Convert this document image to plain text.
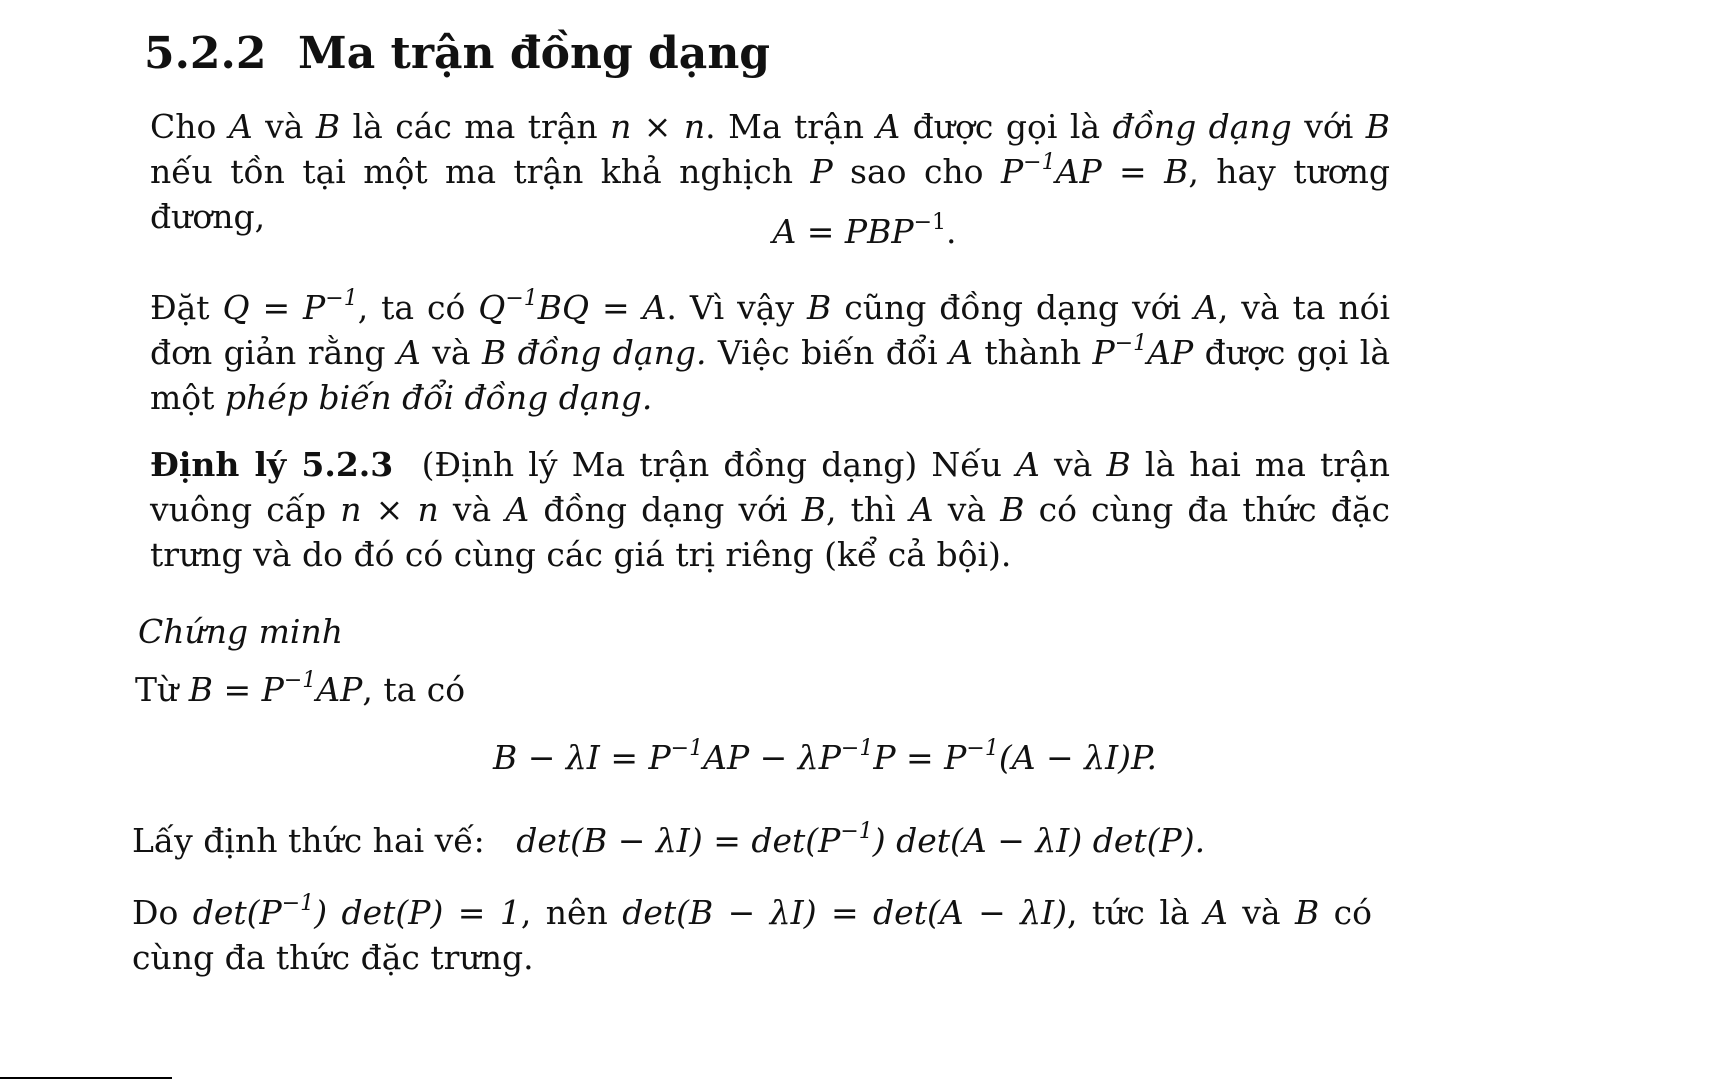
5.2.2 Ma trận đồng dạng
Cho A và B là các ma trận n × n. Ma trận A được gọi là đồng dạng với B nếu tồn tại một ma trận khả nghịch P sao cho $P^{-1}AP = B$, hay tương đương,	$A = PBP^{-1}$.
Đặt $Q = P^{-1}$, ta có $Q^{-1}BQ = A$. Vì vậy B cũng đồng dạng với A, và ta nói đơn giản rằng A và B đồng dạng. Việc biến đổi A thành $P^{-1}AP$ được gọi là một phép biến đổi đồng dạng.
Định lý 5.2.3 (Định lý Ma trận đồng dạng) Nếu A và B là hai ma trận vuông cấp n × n và A đồng dạng với B, thì A và B có cùng đa thức đặc trưng và do đó có cùng các giá trị riêng (kể cả bội).
Chứng minh
Từ $B = P^{-1}AP$, ta có
$B - \lambda I = P^{-1}AP - \lambda P^{-1}P = P^{-1}(A - \lambda I)P$.
Lấy định thức hai vế: $\det(B - \lambda I) = \det(P^{-1}) \det(A - \lambda I)$ det(P).
Do $\det(P^{-1}) \det(P) = 1$, nên det(B − λI) = det(A − λI), tức là A và B có cùng đa thức đặc trưng.
